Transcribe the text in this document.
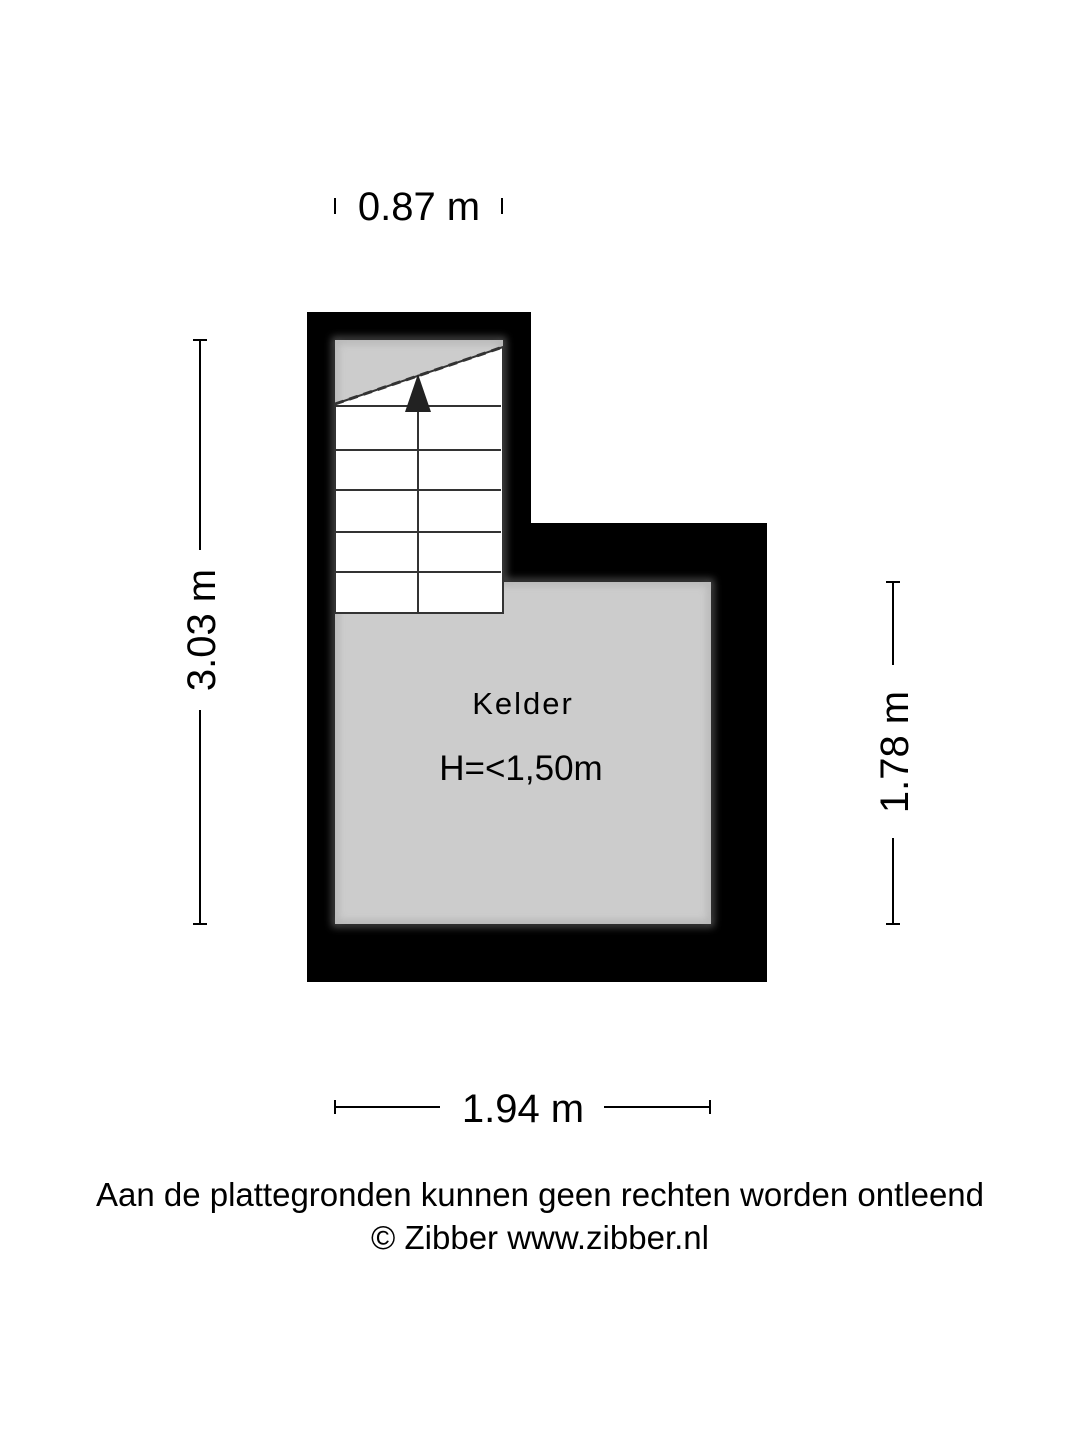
Kelder
H=<1,50m
0.87 m
3.03 m
1.78 m
1.94 m
Aan de plattegronden kunnen geen rechten worden ontleend
© Zibber www.zibber.nl
